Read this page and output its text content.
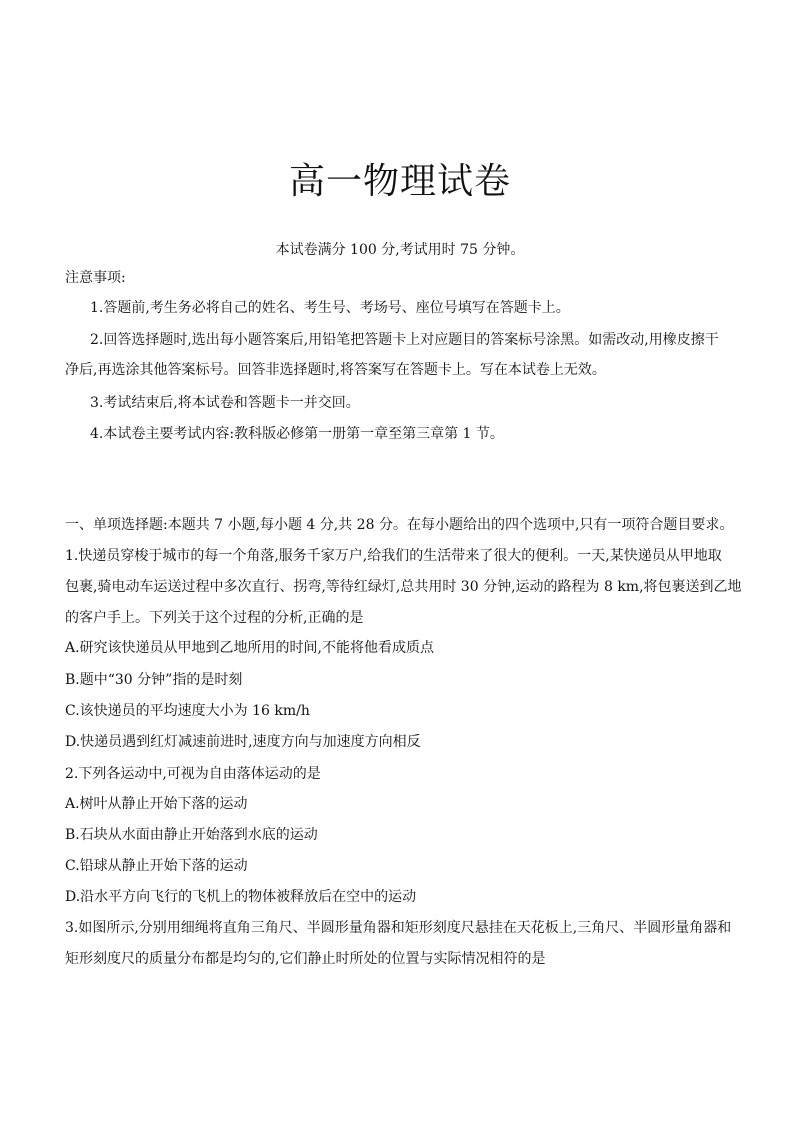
高一物理试卷
本试卷满分 100 分,考试用时 75 分钟。
注意事项:
1.答题前,考生务必将自己的姓名、考生号、考场号、座位号填写在答题卡上。
2.回答选择题时,选出每小题答案后,用铅笔把答题卡上对应题目的答案标号涂黑。如需改动,用橡皮擦干
净后,再选涂其他答案标号。回答非选择题时,将答案写在答题卡上。写在本试卷上无效。
3.考试结束后,将本试卷和答题卡一并交回。
4.本试卷主要考试内容:教科版必修第一册第一章至第三章第 1 节。
一、单项选择题:本题共 7 小题,每小题 4 分,共 28 分。在每小题给出的四个选项中,只有一项符合题目要求。
1.快递员穿梭于城市的每一个角落,服务千家万户,给我们的生活带来了很大的便利。一天,某快递员从甲地取
包裹,骑电动车运送过程中多次直行、拐弯,等待红绿灯,总共用时 30 分钟,运动的路程为 8 km,将包裹送到乙地
的客户手上。下列关于这个过程的分析,正确的是
A.研究该快递员从甲地到乙地所用的时间,不能将他看成质点
B.题中“30 分钟”指的是时刻
C.该快递员的平均速度大小为 16 km/h
D.快递员遇到红灯减速前进时,速度方向与加速度方向相反
2.下列各运动中,可视为自由落体运动的是
A.树叶从静止开始下落的运动
B.石块从水面由静止开始落到水底的运动
C.铅球从静止开始下落的运动
D.沿水平方向飞行的飞机上的物体被释放后在空中的运动
3.如图所示,分别用细绳将直角三角尺、半圆形量角器和矩形刻度尺悬挂在天花板上,三角尺、半圆形量角器和
矩形刻度尺的质量分布都是均匀的,它们静止时所处的位置与实际情况相符的是
